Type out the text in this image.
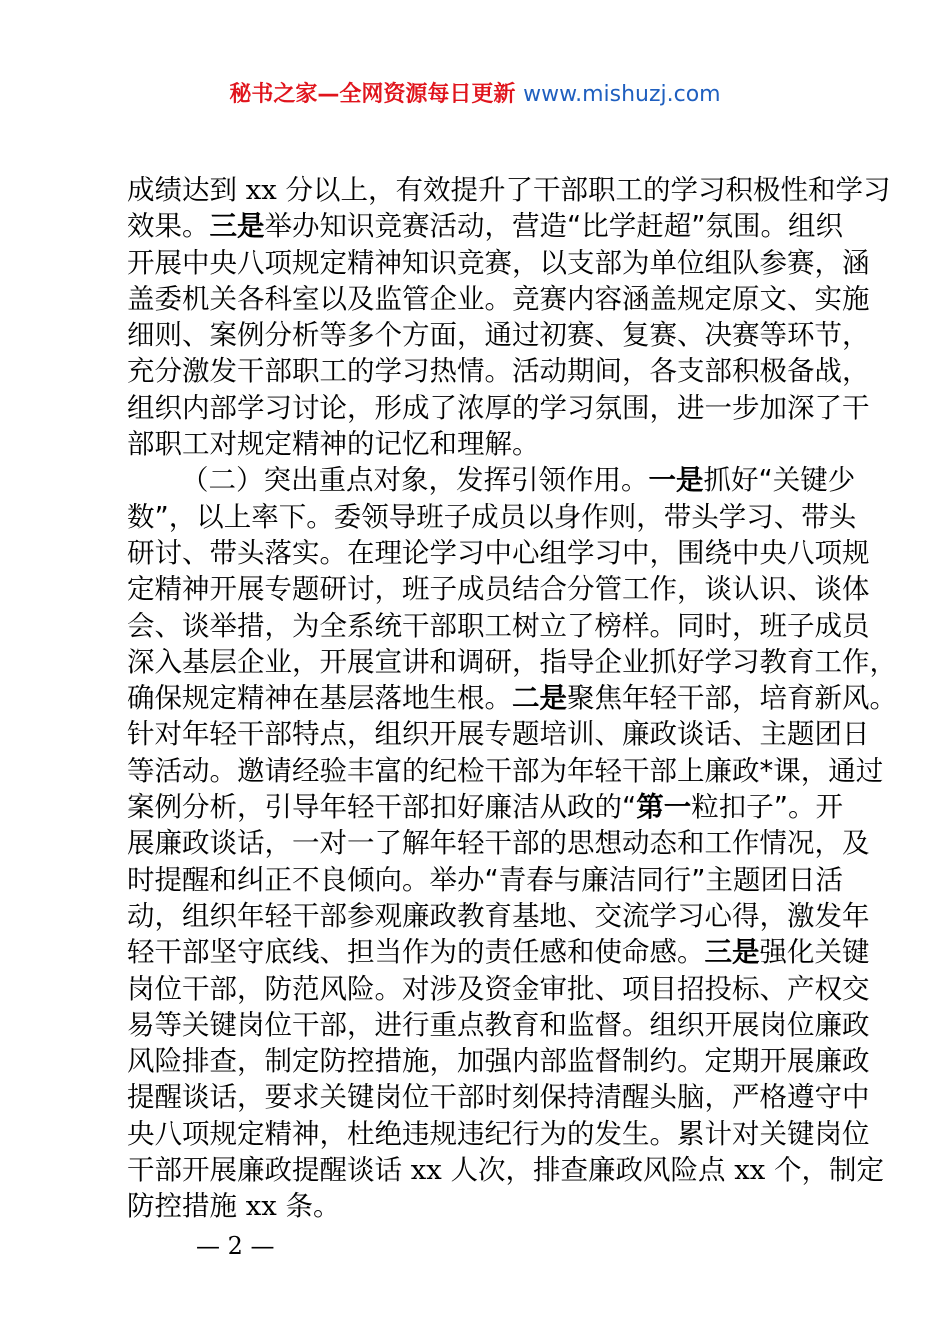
秘书之家—全网资源每日更新 www.mishuzj.com
成绩达到 xx 分以上，有效提升了干部职工的学习积极性和学习
效果。三是举办知识竞赛活动，营造“比学赶超”氛围。组织
开展中央八项规定精神知识竞赛，以支部为单位组队参赛，涵
盖委机关各科室以及监管企业。竞赛内容涵盖规定原文、实施
细则、案例分析等多个方面，通过初赛、复赛、决赛等环节，
充分激发干部职工的学习热情。活动期间，各支部积极备战，
组织内部学习讨论，形成了浓厚的学习氛围，进一步加深了干
部职工对规定精神的记忆和理解。
（二）突出重点对象，发挥引领作用。一是抓好“关键少
数”，以上率下。委领导班子成员以身作则，带头学习、带头
研讨、带头落实。在理论学习中心组学习中，围绕中央八项规
定精神开展专题研讨，班子成员结合分管工作，谈认识、谈体
会、谈举措，为全系统干部职工树立了榜样。同时，班子成员
深入基层企业，开展宣讲和调研，指导企业抓好学习教育工作，
确保规定精神在基层落地生根。二是聚焦年轻干部，培育新风。
针对年轻干部特点，组织开展专题培训、廉政谈话、主题团日
等活动。邀请经验丰富的纪检干部为年轻干部上廉政*课，通过
案例分析，引导年轻干部扣好廉洁从政的“第一粒扣子”。开
展廉政谈话，一对一了解年轻干部的思想动态和工作情况，及
时提醒和纠正不良倾向。举办“青春与廉洁同行”主题团日活
动，组织年轻干部参观廉政教育基地、交流学习心得，激发年
轻干部坚守底线、担当作为的责任感和使命感。三是强化关键
岗位干部，防范风险。对涉及资金审批、项目招投标、产权交
易等关键岗位干部，进行重点教育和监督。组织开展岗位廉政
风险排查，制定防控措施，加强内部监督制约。定期开展廉政
提醒谈话，要求关键岗位干部时刻保持清醒头脑，严格遵守中
央八项规定精神，杜绝违规违纪行为的发生。累计对关键岗位
干部开展廉政提醒谈话 xx 人次，排查廉政风险点 xx 个，制定
防控措施 xx 条。
— 2 —
